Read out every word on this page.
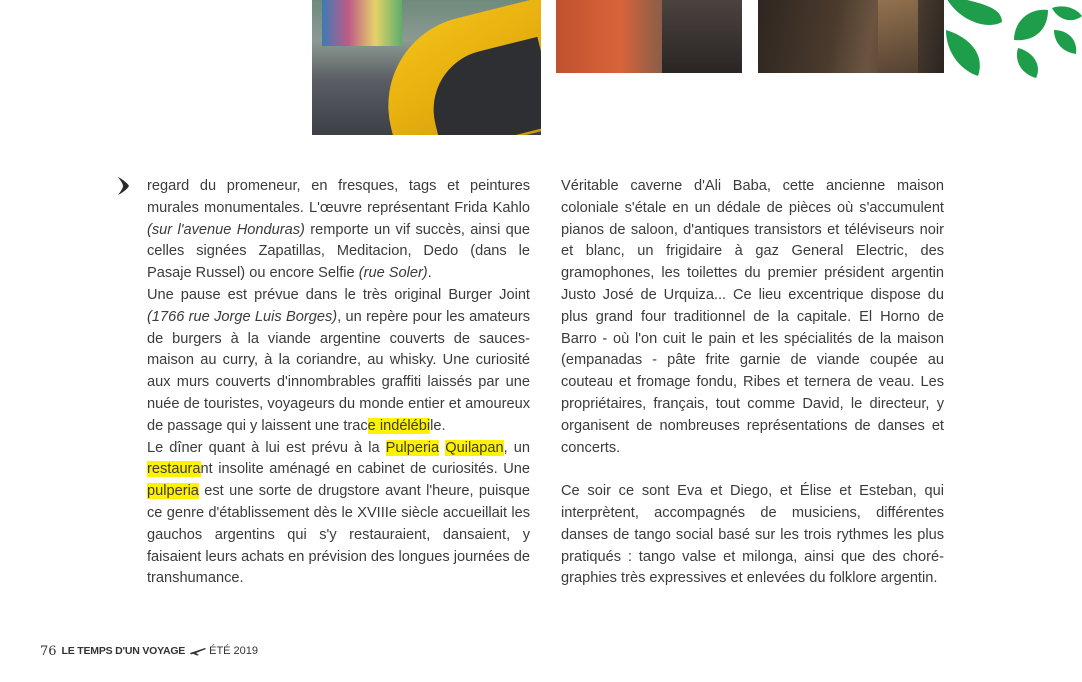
regard du promeneur, en fresques, tags et peintures murales monumentales. L'œuvre représentant Frida Kahlo (sur l'avenue Honduras) remporte un vif succès, ainsi que celles signées Zapatillas, Meditacion, Dedo (dans le Pasaje Russel) ou encore Selfie (rue Soler).

Une pause est prévue dans le très original Burger Joint (1766 rue Jorge Luis Borges), un repère pour les amateurs de burgers à la viande argentine couverts de sauces-maison au curry, à la coriandre, au whisky. Une curiosité aux murs couverts d'innombrables graffiti laissés par une nuée de touristes, voyageurs du monde entier et amoureux de passage qui y laissent une trace indélébile.

Le dîner quant à lui est prévu à la Pulperia Quilapan, un restaurant insolite aménagé en cabinet de curiosités. Une pulperia est une sorte de drugstore avant l'heure, puisque ce genre d'établissement dès le XVIIIe siècle accueillait les gauchos argentins qui s'y restauraient, dansaient, y faisaient leurs achats en prévision des longues journées de transhumance.

Véritable caverne d'Ali Baba, cette ancienne maison coloniale s'étale en un dédale de pièces où s'accumulent pianos de saloon, d'antiques transistors et téléviseurs noir et blanc, un frigidaire à gaz General Electric, des gramophones, les toilettes du premier président argentin Justo José de Urquiza... Ce lieu excentrique dispose du plus grand four traditionnel de la capitale. El Horno de Barro - où l'on cuit le pain et les spécialités de la maison (empanadas - pâte frite garnie de viande coupée au couteau et fromage fondu, Ribes et ternera de veau. Les propriétaires, français, tout comme David, le directeur, y organisent de nombreuses représentations de danses et concerts.

Ce soir ce sont Eva et Diego, et Élise et Esteban, qui interprètent, accompagnés de musiciens, différentes danses de tango social basé sur les trois rythmes les plus pratiqués : tango valse et milonga, ainsi que des choré-graphies très expressives et enlevées du folklore argentin.

76 LE TEMPS D'UN VOYAGE ÉTÉ 2019
